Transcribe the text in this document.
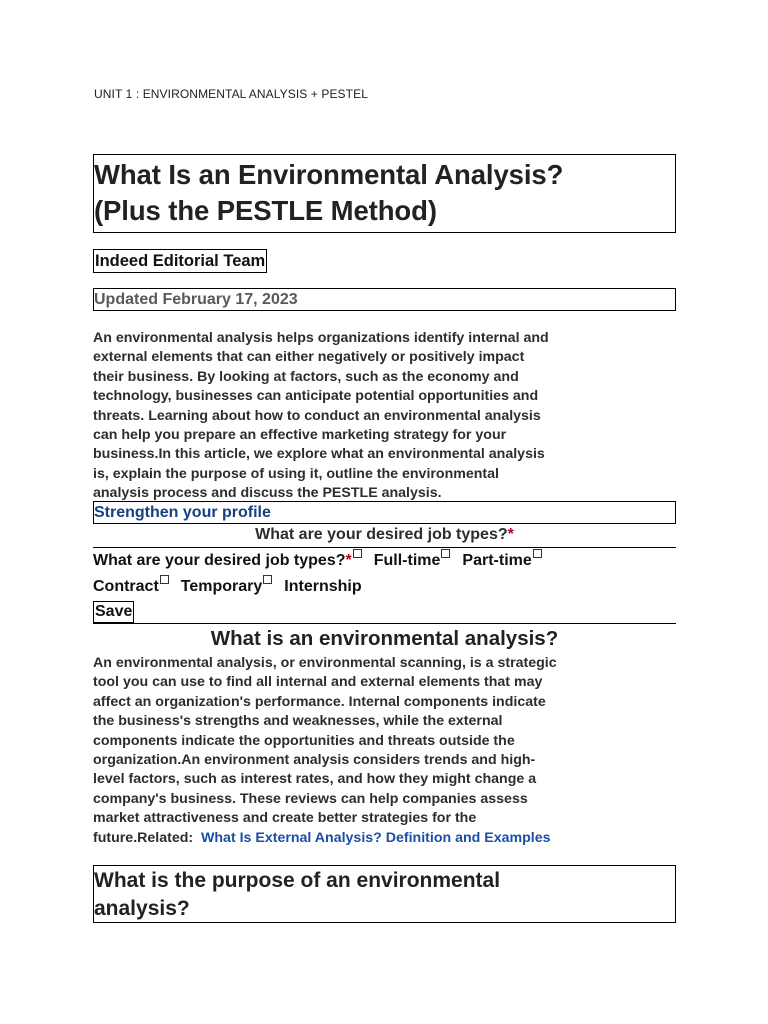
UNIT 1 : ENVIRONMENTAL ANALYSIS + PESTEL
What Is an Environmental Analysis?
(Plus the PESTLE Method)
Indeed Editorial Team
Updated February 17, 2023
An environmental analysis helps organizations identify internal and
external elements that can either negatively or positively impact
their business. By looking at factors, such as the economy and
technology, businesses can anticipate potential opportunities and
threats. Learning about how to conduct an environmental analysis
can help you prepare an effective marketing strategy for your
business.In this article, we explore what an environmental analysis
is, explain the purpose of using it, outline the environmental
analysis process and discuss the PESTLE analysis.
Strengthen your profile
What are your desired job types?*
What are your desired job types?* Full-time Part-time
Contract Temporary Internship
Save
What is an environmental analysis?
An environmental analysis, or environmental scanning, is a strategic
tool you can use to find all internal and external elements that may
affect an organization's performance. Internal components indicate
the business's strengths and weaknesses, while the external
components indicate the opportunities and threats outside the
organization.An environment analysis considers trends and high-
level factors, such as interest rates, and how they might change a
company's business. These reviews can help companies assess
market attractiveness and create better strategies for the
future.Related: What Is External Analysis? Definition and Examples
What is the purpose of an environmental
analysis?
